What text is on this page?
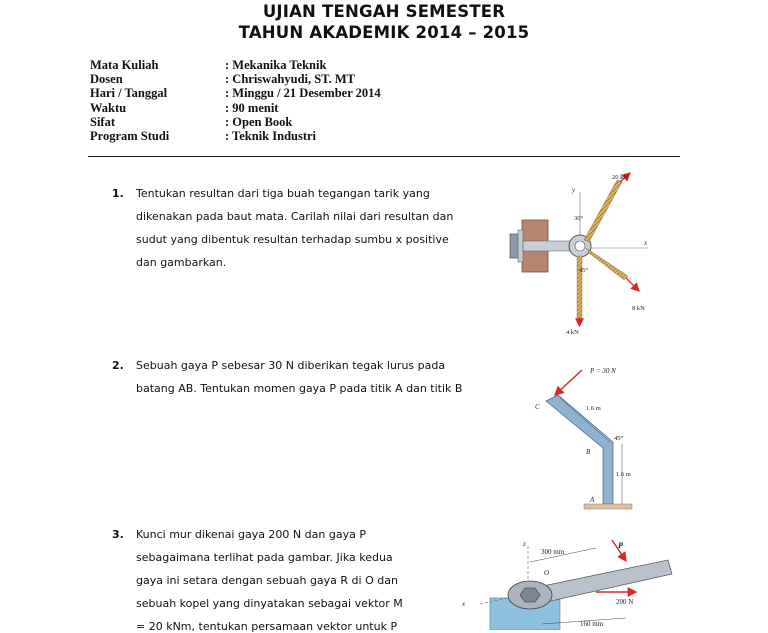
UJIAN TENGAH SEMESTER
TAHUN AKADEMIK 2014 – 2015
Mata Kuliah	: Mekanika Teknik
Dosen	: Chriswahyudi, ST. MT
Hari / Tanggal	: Minggu / 21 Desember 2014
Waktu	: 90 menit
Sifat	: Open Book
Program Studi	: Teknik Industri
1. Tentukan resultan dari tiga buah tegangan tarik yang
dikenakan pada baut mata. Carilah nilai dari resultan dan
sudut yang dibentuk resultan terhadap sumbu x positive
dan gambarkan.
2. Sebuah gaya P sebesar 30 N diberikan tegak lurus pada
batang AB. Tentukan momen gaya P pada titik A dan titik B
3. Kunci mur dikenai gaya 200 N dan gaya P
sebagaimana terlihat pada gambar. Jika kedua
gaya ini setara dengan sebuah gaya R di O dan
sebuah kopel yang dinyatakan sebagai vektor M
= 20 kNm, tentukan persamaan vektor untuk P
y
x
20 kN
8 kN
4 kN
30°
45°
P = 30 N
C
B
A
1.6 m
1.6 m
45°
z
x
O
300 mm
P
200 N
160 mm
